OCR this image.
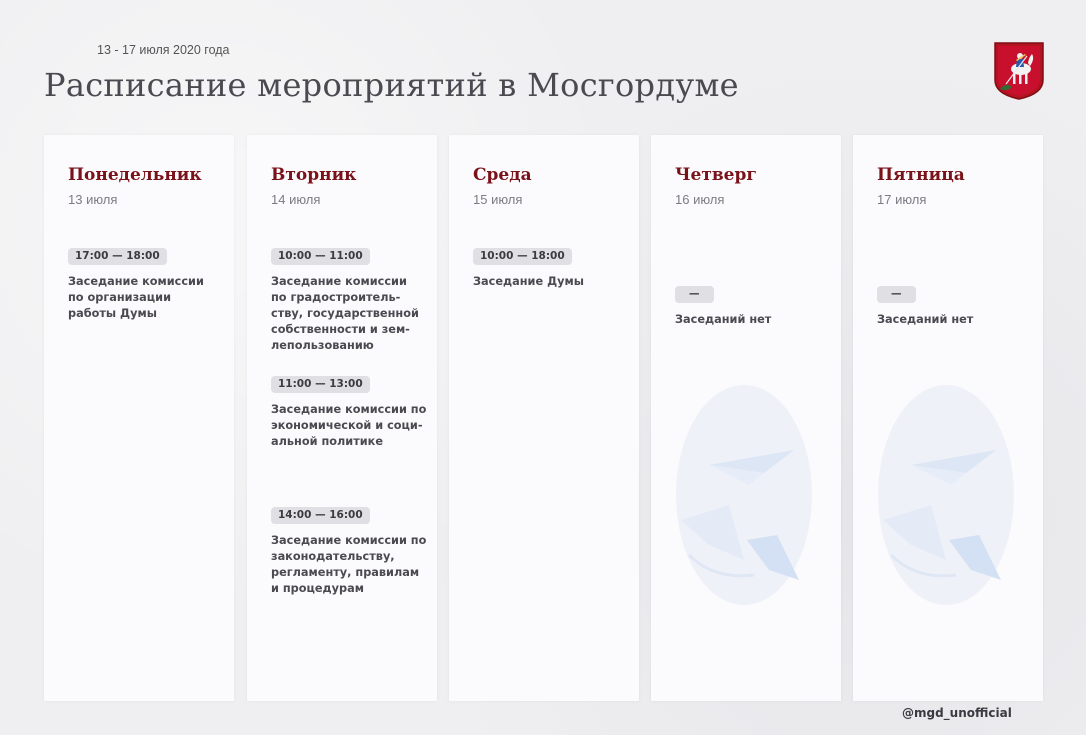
13 - 17 июля 2020 года
Расписание мероприятий в Мосгордуме
Понедельник
13 июля
17:00 — 18:00
Заседание комиссии
по организации
работы Думы
Вторник
14 июля
10:00 — 11:00
Заседание комиссии
по градостроитель-
ству, государственной
собственности и зем-
лепользованию
11:00 — 13:00
Заседание комиссии по
экономической и соци-
альной политике
14:00 — 16:00
Заседание комиссии по
законодательству,
регламенту, правилам
и процедурам
Среда
15 июля
10:00 — 18:00
Заседание Думы
Четверг
16 июля
—
Заседаний нет
Пятница
17 июля
—
Заседаний нет
@mgd_unofficial
